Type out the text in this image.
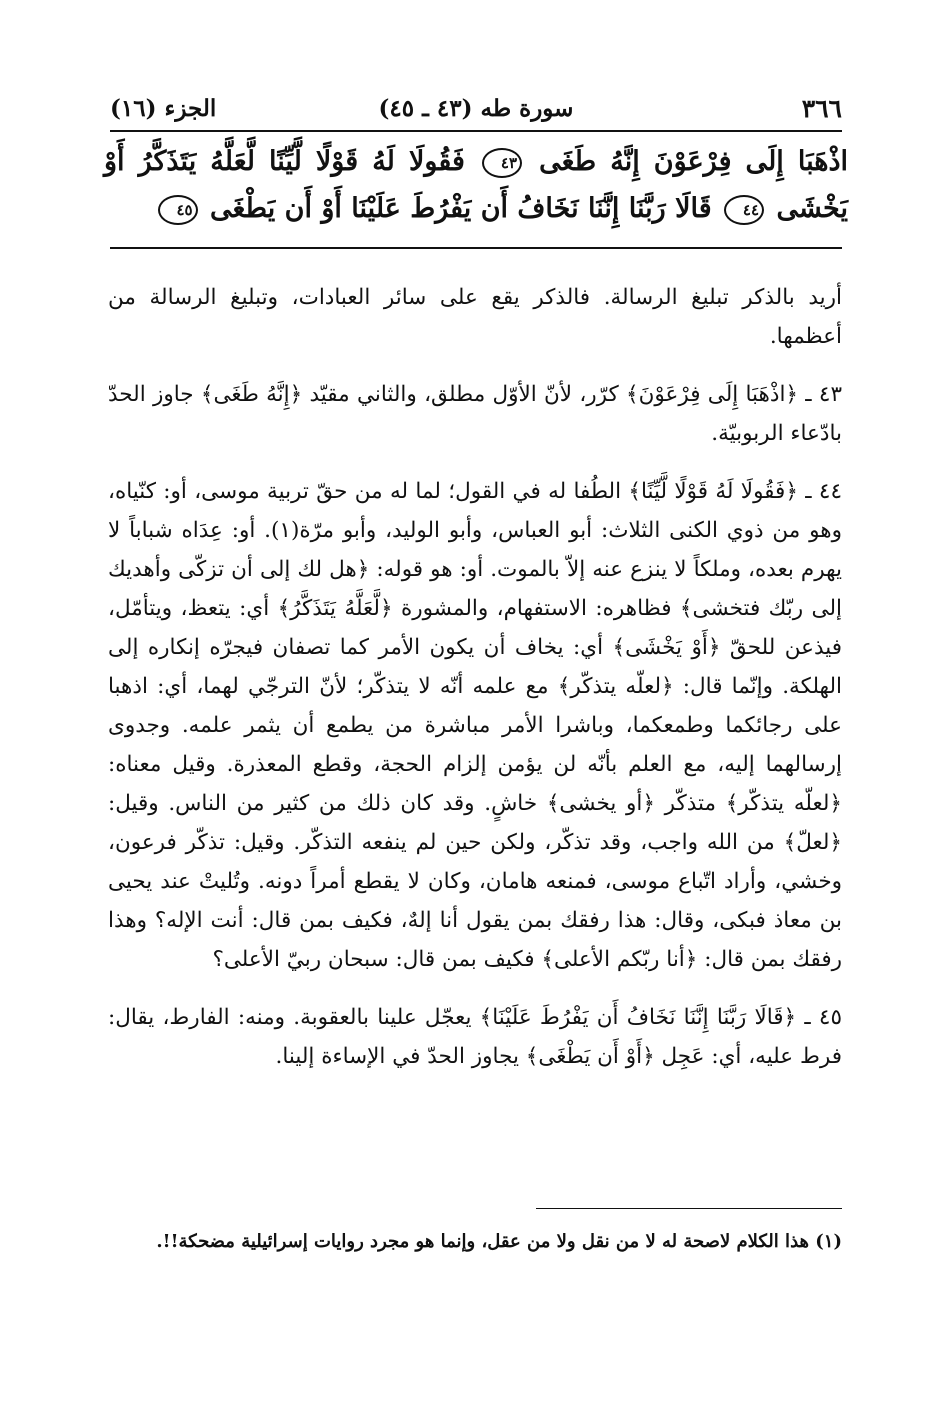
٣٦٦
سورة طه (٤٣ ـ ٤٥)
الجزء (١٦)
اذْهَبَا إِلَى فِرْعَوْنَ إِنَّهُ طَغَى ٤٣ فَقُولَا لَهُ قَوْلًا لَّيِّنًا لَّعَلَّهُ يَتَذَكَّرُ أَوْ يَخْشَى ٤٤ قَالَا رَبَّنَا إِنَّنَا نَخَافُ أَن يَفْرُطَ عَلَيْنَا أَوْ أَن يَطْغَى ٤٥

أريد بالذكر تبليغ الرسالة. فالذكر يقع على سائر العبادات، وتبليغ الرسالة من أعظمها.

٤٣ ـ ﴿اذْهَبَا إِلَى فِرْعَوْنَ﴾ كرّر، لأنّ الأوّل مطلق، والثاني مقيّد ﴿إِنَّهُ طَغَى﴾ جاوز الحدّ بادّعاء الربوبيّة.

٤٤ ـ ﴿فَقُولَا لَهُ قَوْلًا لَّيِّنًا﴾ الطُفا له في القول؛ لما له من حقّ تربية موسى، أو: كنّياه، وهو من ذوي الكنى الثلاث: أبو العباس، وأبو الوليد، وأبو مرّة(١). أو: عِدَاه شباباً لا يهرم بعده، وملكاً لا ينزع عنه إلاّ بالموت. أو: هو قوله: ﴿هل لك إلى أن تزكّى وأهديك إلى ربّك فتخشى﴾ فظاهره: الاستفهام، والمشورة ﴿لَّعَلَّهُ يَتَذَكَّرُ﴾ أي: يتعظ، ويتأمّل، فيذعن للحقّ ﴿أَوْ يَخْشَى﴾ أي: يخاف أن يكون الأمر كما تصفان فيجرّه إنكاره إلى الهلكة. وإنّما قال: ﴿لعلّه يتذكّر﴾ مع علمه أنّه لا يتذكّر؛ لأنّ الترجّي لهما، أي: اذهبا على رجائكما وطمعكما، وباشرا الأمر مباشرة من يطمع أن يثمر علمه. وجدوى إرسالهما إليه، مع العلم بأنّه لن يؤمن إلزام الحجة، وقطع المعذرة. وقيل معناه: ﴿لعلّه يتذكّر﴾ متذكّر ﴿أو يخشى﴾ خاشٍ. وقد كان ذلك من كثير من الناس. وقيل: ﴿لعلّ﴾ من الله واجب، وقد تذكّر، ولكن حين لم ينفعه التذكّر. وقيل: تذكّر فرعون، وخشي، وأراد اتّباع موسى، فمنعه هامان، وكان لا يقطع أمراً دونه. وتُليتْ عند يحيى بن معاذ فبكى، وقال: هذا رفقك بمن يقول أنا إلهٌ، فكيف بمن قال: أنت الإله؟ وهذا رفقك بمن قال: ﴿أنا ربّكم الأعلى﴾ فكيف بمن قال: سبحان ربيّ الأعلى؟

٤٥ ـ ﴿قَالَا رَبَّنَا إِنَّنَا نَخَافُ أَن يَفْرُطَ عَلَيْنَا﴾ يعجّل علينا بالعقوبة. ومنه: الفارط، يقال: فرط عليه، أي: عَجِل ﴿أَوْ أَن يَطْغَى﴾ يجاوز الحدّ في الإساءة إلينا.

(١) هذا الكلام لاصحة له لا من نقل ولا من عقل، وإنما هو مجرد روايات إسرائيلية مضحكة!!.
